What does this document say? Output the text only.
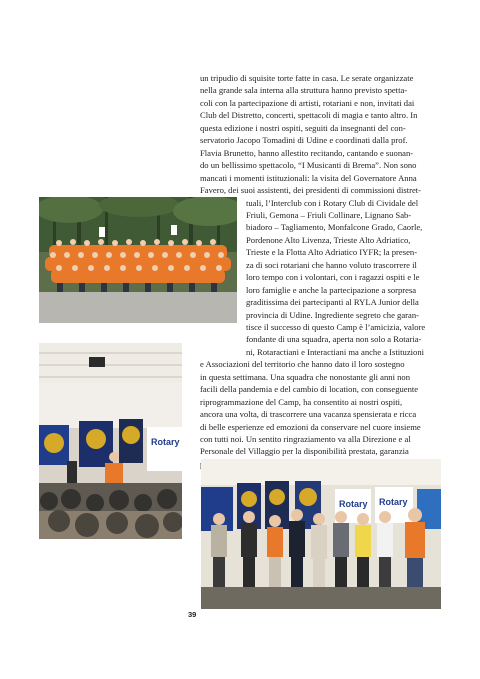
un tripudio di squisite torte fatte in casa. Le serate organizzate
nella grande sala interna alla struttura hanno previsto spetta-
coli con la partecipazione di artisti, rotariani e non, invitati dai
Club del Distretto, concerti, spettacoli di magia e tanto altro. In
questa edizione i nostri ospiti, seguiti da insegnanti del con-
servatorio Jacopo Tomadini di Udine e coordinati dalla prof.
Flavia Brunetto, hanno allestito recitando, cantando e suonan-
do un bellissimo spettacolo, “I Musicanti di Brema”. Non sono
mancati i momenti istituzionali: la visita del Governatore Anna
Favero, dei suoi assistenti, dei presidenti di commissioni distret-
tuali, l’Interclub con i Rotary Club di Cividale del
Friuli, Gemona – Friuli Collinare, Lignano Sab-
biadoro – Tagliamento, Monfalcone Grado, Caorle,
Pordenone Alto Livenza, Trieste Alto Adriatico,
Trieste e la Flotta Alto Adriatico IYFR; la presen-
za di soci rotariani che hanno voluto trascorrere il
loro tempo con i volontari, con i ragazzi ospiti e le
loro famiglie e anche la partecipazione a sorpresa
graditissima dei partecipanti al RYLA Junior della
provincia di Udine. Ingrediente segreto che garan-
tisce il successo di questo Camp è l’amicizia, valore
fondante di una squadra, aperta non solo a Rotaria-
ni, Rotaractiani e Interactiani ma anche a Istituzioni
e Associazioni del territorio che hanno dato il loro sostegno
in questa settimana. Una squadra che nonostante gli anni non
facili della pandemia e del cambio di location, con conseguente
riprogrammazione del Camp, ha consentito ai nostri ospiti,
ancora una volta, di trascorrere una vacanza spensierata e ricca
di belle esperienze ed emozioni da conservare nel cuore insieme
con tutti noi. Un sentito ringraziamento va alla Direzione e al
Personale del Villaggio per la disponibilità prestata, garanzia
Rotary
Rotary Rotary
39
